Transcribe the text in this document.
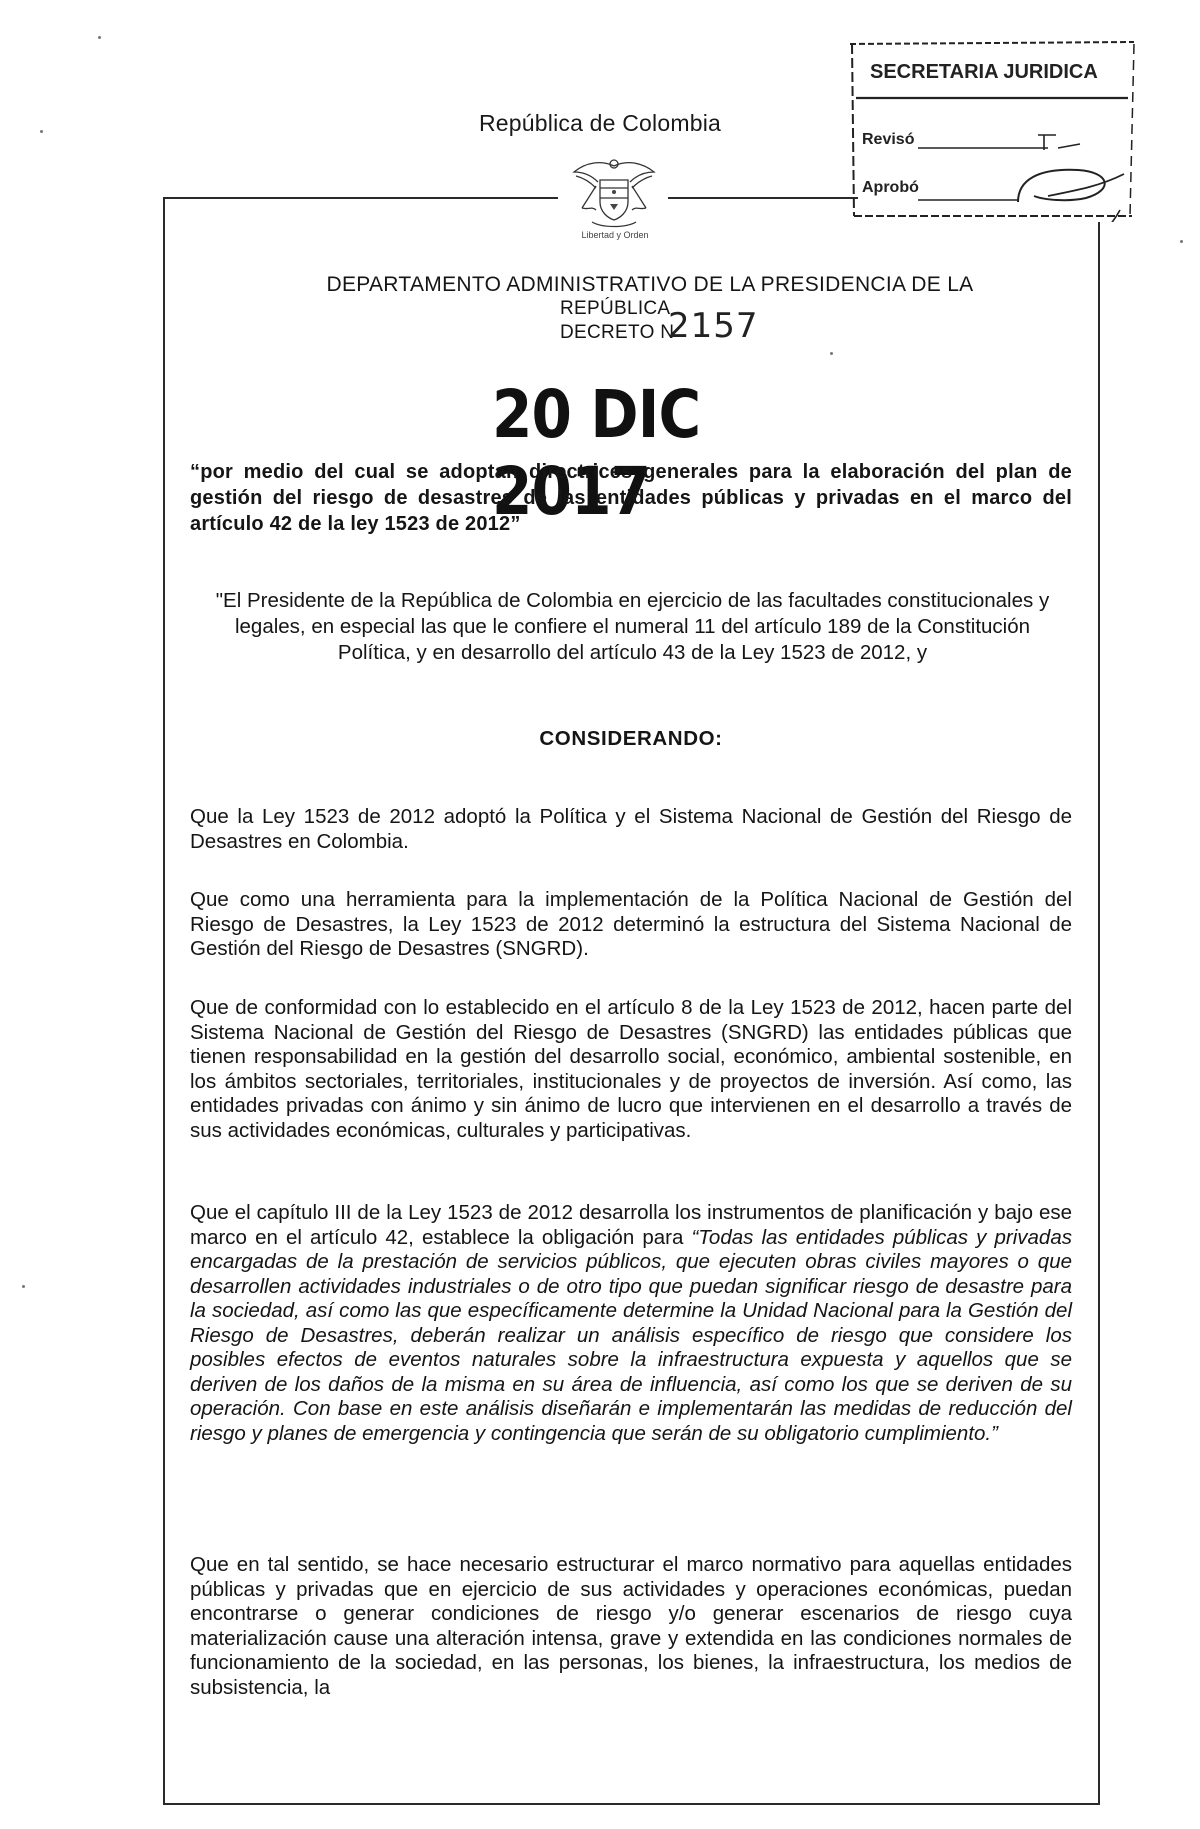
República de Colombia
Libertad y Orden
SECRETARIA JURIDICA
Revisó
Aprobó
DEPARTAMENTO ADMINISTRATIVO DE LA PRESIDENCIA DE LA
REPÚBLICA
DECRETO N
2157
20 DIC 2017
“por medio del cual se adoptan directrices generales para la elaboración del plan de gestión del riesgo de desastres de las entidades públicas y privadas en el marco del artículo 42 de la ley 1523 de 2012”
"El Presidente de la República de Colombia en ejercicio de las facultades constitucionales y legales, en especial las que le confiere el numeral 11 del artículo 189 de la Constitución Política, y en desarrollo del artículo 43 de la Ley 1523 de 2012, y
CONSIDERANDO:

Que la Ley 1523 de 2012 adoptó la Política y el Sistema Nacional de Gestión del Riesgo de Desastres en Colombia.

Que como una herramienta para la implementación de la Política Nacional de Gestión del Riesgo de Desastres, la Ley 1523 de 2012 determinó la estructura del Sistema Nacional de Gestión del Riesgo de Desastres (SNGRD).

Que de conformidad con lo establecido en el artículo 8 de la Ley 1523 de 2012, hacen parte del Sistema Nacional de Gestión del Riesgo de Desastres (SNGRD) las entidades públicas que tienen responsabilidad en la gestión del desarrollo social, económico, ambiental sostenible, en los ámbitos sectoriales, territoriales, institucionales y de proyectos de inversión. Así como, las entidades privadas con ánimo y sin ánimo de lucro que intervienen en el desarrollo a través de sus actividades económicas, culturales y participativas.

Que el capítulo III de la Ley 1523 de 2012 desarrolla los instrumentos de planificación y bajo ese marco en el artículo 42, establece la obligación para “Todas las entidades públicas y privadas encargadas de la prestación de servicios públicos, que ejecuten obras civiles mayores o que desarrollen actividades industriales o de otro tipo que puedan significar riesgo de desastre para la sociedad, así como las que específicamente determine la Unidad Nacional para la Gestión del Riesgo de Desastres, deberán realizar un análisis específico de riesgo que considere los posibles efectos de eventos naturales sobre la infraestructura expuesta y aquellos que se deriven de los daños de la misma en su área de influencia, así como los que se deriven de su operación. Con base en este análisis diseñarán e implementarán las medidas de reducción del riesgo y planes de emergencia y contingencia que serán de su obligatorio cumplimiento.”

Que en tal sentido, se hace necesario estructurar el marco normativo para aquellas entidades públicas y privadas que en ejercicio de sus actividades y operaciones económicas, puedan encontrarse o generar condiciones de riesgo y/o generar escenarios de riesgo cuya materialización cause una alteración intensa, grave y extendida en las condiciones normales de funcionamiento de la sociedad, en las personas, los bienes, la infraestructura, los medios de subsistencia, la
